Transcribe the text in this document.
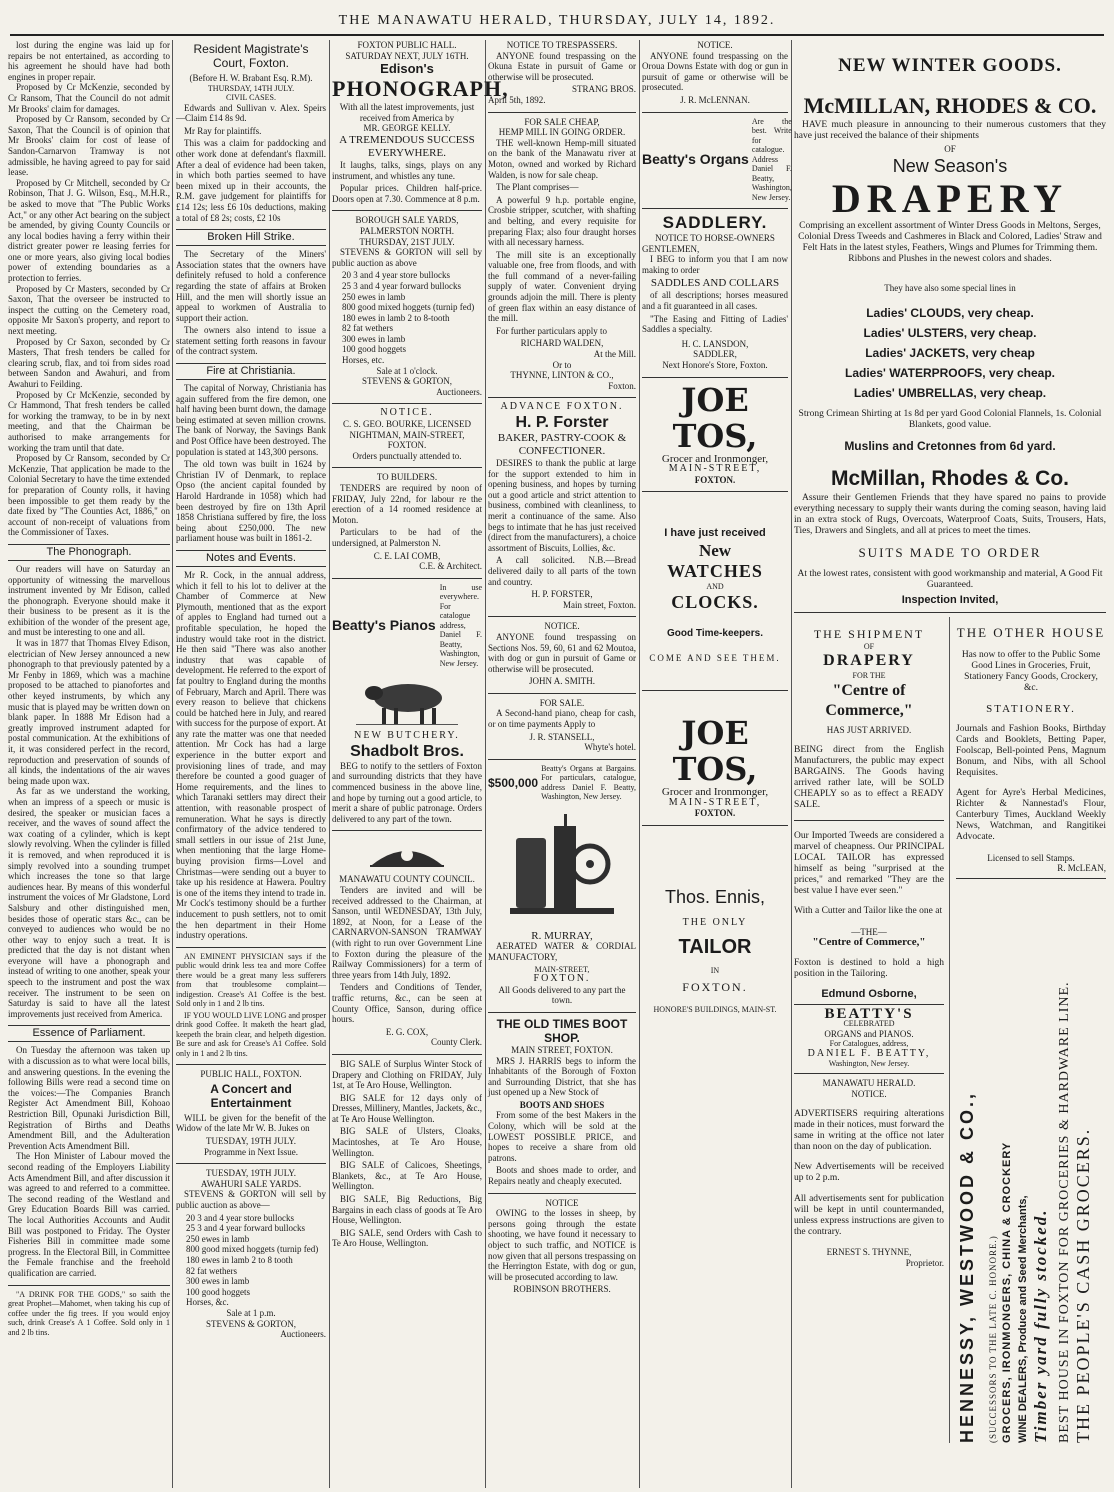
THE MANAWATU HERALD, THURSDAY, JULY 14, 1892.

lost during the engine was laid up for repairs be not entertained, as according to his agreement he should have had both engines in proper repair.

Proposed by Cr McKenzie, seconded by Cr Ransom, That the Council do not admit Mr Brooks' claim for damages.

Proposed by Cr Ransom, seconded by Cr Saxon, That the Council is of opinion that Mr Brooks' claim for cost of lease of Sandon-Carnarvon Tramway is not admissible, he having agreed to pay for said lease.

Proposed by Cr Mitchell, seconded by Cr Robinson, That J. G. Wilson, Esq., M.H.R., be asked to move that "The Public Works Act," or any other Act bearing on the subject be amended, by giving County Councils or any local bodies having a ferry within their district greater power re leasing ferries for one or more years, also giving local bodies power of extending boundaries as a protection to ferries.

Proposed by Cr Masters, seconded by Cr Saxon, That the overseer be instructed to inspect the cutting on the Cemetery road, opposite Mr Saxon's property, and report to next meeting.

Proposed by Cr Saxon, seconded by Cr Masters, That fresh tenders be called for clearing scrub, flax, and toi from sides road between Sandon and Awahuri, and from Awahuri to Feilding.

Proposed by Cr McKenzie, seconded by Cr Hammond, That fresh tenders be called for working the tramway, to be in by next meeting, and that the Chairman be authorised to make arrangements for working the tram until that date.

Proposed by Cr Ransom, seconded by Cr McKenzie, That application be made to the Colonial Secretary to have the time extended for preparation of County rolls, it having been impossible to get them ready by the date fixed by "The Counties Act, 1886," on account of non-receipt of valuations from the Commissioner of Taxes.

The Phonograph.

Our readers will have on Saturday an opportunity of witnessing the marvellous instrument invented by Mr Edison, called the phonograph. Everyone should make it their business to be present as it is the exhibition of the wonder of the present age, and must be interesting to one and all.

It was in 1877 that Thomas Elvey Edison, electrician of New Jersey announced a new phonograph to that previously patented by a Mr Fenby in 1869, which was a machine proposed to be attached to pianofortes and other keyed instruments, by which any music that is played may be written down on blank paper. In 1888 Mr Edison had a greatly improved instrument adapted for postal communication. At the exhibitions of it, it was considered perfect in the record, reproduction and preservation of sounds of all kinds, the indentations of the air waves being made upon wax.

As far as we understand the working, when an impress of a speech or music is desired, the speaker or musician faces a receiver, and the waves of sound affect the wax coating of a cylinder, which is kept slowly revolving. When the cylinder is filled it is removed, and when reproduced it is simply revolved into a sounding trumpet which increases the tone so that large audiences hear. By means of this wonderful instrument the voices of Mr Gladstone, Lord Salsbury and other distinguished men, besides those of operatic stars &c., can be conveyed to audiences who would be no other way to enjoy such a treat. It is predicted that the day is not distant when everyone will have a phonograph and instead of writing to one another, speak your speech to the instrument and post the wax receiver. The instrument to be seen on Saturday is said to have all the latest improvements just received from America.

Essence of Parliament.

On Tuesday the afternoon was taken up with a discussion as to what were local bills, and answering questions. In the evening the following Bills were read a second time on the voices:—The Companies Branch Register Act Amendment Bill, Kohoao Restriction Bill, Opunaki Jurisdiction Bill, Registration of Births and Deaths Amendment Bill, and the Adulteration Prevention Acts Amendment Bill.

The Hon Minister of Labour moved the second reading of the Employers Liability Acts Amendment Bill, and after discussion it was agreed to and referred to a committee. The second reading of the Westland and Grey Education Boards Bill was carried. The local Authorities Accounts and Audit Bill was postponed to Friday. The Oyster Fisheries Bill in committee made some progress. In the Electoral Bill, in Committee the Female franchise and the freehold qualification are carried.

"A DRINK FOR THE GODS," so saith the great Prophet—Mahomet, when taking his cup of coffee under the fig trees. If you would enjoy such, drink Crease's A 1 Coffee. Sold only in 1 and 2 lb tins.

Resident Magistrate's Court, Foxton.
(Before H. W. Brabant Esq. R.M).
THURSDAY, 14TH JULY.
CIVIL CASES.

Edwards and Sullivan v. Alex. Speirs—Claim £14 8s 9d.

Mr Ray for plaintiffs.

This was a claim for paddocking and other work done at defendant's flaxmill. After a deal of evidence had been taken, in which both parties seemed to have been mixed up in their accounts, the R.M. gave judgement for plaintiffs for £14 12s; less £6 10s deductions, making a total of £8 2s; costs, £2 10s

Broken Hill Strike.

The Secretary of the Miners' Association states that the owners have definitely refused to hold a conference regarding the state of affairs at Broken Hill, and the men will shortly issue an appeal to workmen of Australia to support their action.

The owners also intend to issue a statement setting forth reasons in favour of the contract system.

Fire at Christiania.

The capital of Norway, Christiania has again suffered from the fire demon, one half having been burnt down, the damage being estimated at seven million crowns. The bank of Norway, the Savings Bank and Post Office have been destroyed. The population is stated at 143,300 persons.

The old town was built in 1624 by Christian IV of Denmark, to replace Opso (the ancient capital founded by Harold Hardrande in 1058) which had been destroyed by fire on 13th April 1858 Christiana suffered by fire, the loss being about £250,000. The new parliament house was built in 1861-2.

Notes and Events.

Mr R. Cock, in the annual address, which it fell to his lot to deliver at the Chamber of Commerce at New Plymouth, mentioned that as the export of apples to England had turned out a profitable speculation, he hoped the industry would take root in the district. He then said "There was also another industry that was capable of development. He referred to the export of fat poultry to England during the months of February, March and April. There was every reason to believe that chickens could be hatched here in July, and reared with success for the purpose of export. At any rate the matter was one that needed attention. Mr Cock has had a large experience in the butter export and provisioning lines of trade, and may therefore be counted a good guager of Home requirements, and the lines to which Taranaki settlers may direct their attention, with reasonable prospect of remuneration. What he says is directly confirmatory of the advice tendered to small settlers in our issue of 21st June, when mentioning that the large Home-buying provision firms—Lovel and Christmas—were sending out a buyer to take up his residence at Hawera. Poultry is one of the items they intend to trade in. Mr Cock's testimony should be a further inducement to push settlers, not to omit the hen department in their Home industry operations.

AN EMINENT PHYSICIAN says if the public would drink less tea and more Coffee there would be a great many less sufferers from that troublesome complaint—indigestion. Crease's A1 Coffee is the best. Sold only in 1 and 2 lb tins.

IF YOU WOULD LIVE LONG and prosper drink good Coffee. It maketh the heart glad, keepeth the brain clear, and helpeth digestion. Be sure and ask for Crease's A1 Coffee. Sold only in 1 and 2 lb tins.

PUBLIC HALL, FOXTON.
A Concert and Entertainment

WILL be given for the benefit of the Widow of the late Mr W. B. Jukes on

TUESDAY, 19TH JULY.
Programme in Next Issue.
TUESDAY, 19TH JULY.
AWAHURI SALE YARDS.

STEVENS & GORTON will sell by public auction as above—

20 3 and 4 year store bullocks

25 3 and 4 year forward bullocks

250 ewes in lamb

800 good mixed hoggets (turnip fed)

180 ewes in lamb 2 to 8 tooth

82 fat wethers

300 ewes in lamb

100 good hoggets

Horses, &c.

Sale at 1 p.m.
STEVENS & GORTON,
Auctioneers.
FOXTON PUBLIC HALL.
SATURDAY NEXT, JULY 16TH.
Edison's
PHONOGRAPH,
With all the latest improvements, just received from America by
MR. GEORGE KELLY.
A TREMENDOUS SUCCESS EVERYWHERE.

It laughs, talks, sings, plays on any instrument, and whistles any tune.

Popular prices. Children half-price. Doors open at 7.30. Commence at 8 p.m.

BOROUGH SALE YARDS, PALMERSTON NORTH.
THURSDAY, 21ST JULY.

STEVENS & GORTON will sell by public auction as above

20 3 and 4 year store bullocks

25 3 and 4 year forward bullocks

250 ewes in lamb

800 good mixed hoggets (turnip fed)

180 ewes in lamb 2 to 8-tooth

82 fat wethers

300 ewes in lamb

100 good hoggets

Horses, etc.

Sale at 1 o'clock.
STEVENS & GORTON,
Auctioneers.
NOTICE.
C. S. GEO. BOURKE, LICENSED NIGHTMAN, MAIN-STREET, FOXTON.
Orders punctually attended to.
TO BUILDERS.

TENDERS are required by noon of FRIDAY, July 22nd, for labour re the erection of a 14 roomed residence at Moton.

Particulars to be had of the undersigned, at Palmerston N.

C. E. LAI COMB,
C.E. & Architect.
Beatty's Pianos
In use everywhere. For catalogue address, Daniel F. Beatty, Washington, New Jersey.
NEW BUTCHERY.
Shadbolt Bros.

BEG to notify to the settlers of Foxton and surrounding districts that they have commenced business in the above line, and hope by turning out a good article, to merit a share of public patronage. Orders delivered to any part of the town.

MANAWATU COUNTY COUNCIL.

Tenders are invited and will be received addressed to the Chairman, at Sanson, until WEDNESDAY, 13th July, 1892, at Noon, for a Lease of the CARNARVON-SANSON TRAMWAY (with right to run over Government Line to Foxton during the pleasure of the Railway Commissioners) for a term of three years from 14th July, 1892.

Tenders and Conditions of Tender, traffic returns, &c., can be seen at County Office, Sanson, during office hours.

E. G. COX,
County Clerk.

BIG SALE of Surplus Winter Stock of Drapery and Clothing on FRIDAY, July 1st, at Te Aro House, Wellington.

BIG SALE for 12 days only of Dresses, Millinery, Mantles, Jackets, &c., at Te Aro House Wellington.

BIG SALE of Ulsters, Cloaks, Macintoshes, at Te Aro House, Wellington.

BIG SALE of Calicoes, Sheetings, Blankets, &c., at Te Aro House, Wellington.

BIG SALE, Big Reductions, Big Bargains in each class of goods at Te Aro House, Wellington.

BIG SALE, send Orders with Cash to Te Aro House, Wellington.

NOTICE TO TRESPASSERS.

ANYONE found trespassing on the Okuna Estate in pursuit of Game or otherwise will be prosecuted.

STRANG BROS.
April 5th, 1892.
FOR SALE CHEAP,
HEMP MILL IN GOING ORDER.

THE well-known Hemp-mill situated on the bank of the Manawatu river at Moton, owned and worked by Richard Walden, is now for sale cheap.

The Plant comprises—

A powerful 9 h.p. portable engine, Crosbie stripper, scutcher, with shafting and belting, and every requisite for preparing Flax; also four draught horses with all necessary harness.

The mill site is an exceptionally valuable one, free from floods, and with the full command of a never-failing supply of water. Convenient drying grounds adjoin the mill. There is plenty of green flax within an easy distance of the mill.

For further particulars apply to

RICHARD WALDEN,
At the Mill.
Or to
THYNNE, LINTON & CO.,
Foxton.
ADVANCE FOXTON.
H. P. Forster
BAKER, PASTRY-COOK & CONFECTIONER.

DESIRES to thank the public at large for the support extended to him in opening business, and hopes by turning out a good article and strict attention to business, combined with cleanliness, to merit a continuance of the same. Also begs to intimate that he has just received (direct from the manufacturers), a choice assortment of Biscuits, Lollies, &c.

A call solicited. N.B.—Bread delivered daily to all parts of the town and country.

H. P. FORSTER,
Main street, Foxton.
NOTICE.

ANYONE found trespassing on Sections Nos. 59, 60, 61 and 62 Moutoa, with dog or gun in pursuit of Game or otherwise will be prosecuted.

JOHN A. SMITH.
FOR SALE.

A Second-hand piano, cheap for cash, or on time payments Apply to

J. R. STANSELL,
Whyte's hotel.
$500,000
Beatty's Organs at Bargains. For particulars, catalogue, address Daniel F. Beatty, Washington, New Jersey.
R. MURRAY,

AERATED WATER & CORDIAL MANUFACTORY,

MAIN-STREET,
FOXTON.
All Goods delivered to any part the town.
THE OLD TIMES BOOT SHOP.
MAIN STREET, FOXTON.

MRS J. HARRIS begs to inform the Inhabitants of the Borough of Foxton and Surrounding District, that she has just opened up a New Stock of

BOOTS AND SHOES

From some of the best Makers in the Colony, which will be sold at the LOWEST POSSIBLE PRICE, and hopes to receive a share from old patrons.

Boots and shoes made to order, and Repairs neatly and cheaply executed.

NOTICE

OWING to the losses in sheep, by persons going through the estate shooting, we have found it necessary to object to such traffic, and NOTICE is now given that all persons trespassing on the Herrington Estate, with dog or gun, will be prosecuted according to law.

ROBINSON BROTHERS.
NOTICE.

ANYONE found trespassing on the Oroua Downs Estate with dog or gun in pursuit of game or otherwise will be prosecuted.

J. R. McLENNAN.
Beatty's Organs
Are the best. Write for catalogue. Address Daniel F. Beatty, Washington, New Jersey.
SADDLERY.
NOTICE TO HORSE-OWNERS
GENTLEMEN,

I BEG to inform you that I am now making to order

SADDLES AND COLLARS

of all descriptions; horses measured and a fit guaranteed in all cases.

"The Easing and Fitting of Ladies' Saddles a specialty.

H. C. LANSDON,
SADDLER,
Next Honore's Store, Foxton.
JOE TOS,
Grocer and Ironmonger,
MAIN-STREET,
FOXTON.
I have just received
New
WATCHES
AND
CLOCKS.
Good Time-keepers.
COME AND SEE THEM.
JOE TOS,
Grocer and Ironmonger,
MAIN-STREET,
FOXTON.
Thos. Ennis,
THE ONLY
TAILOR
IN
FOXTON.
HONORE'S BUILDINGS, MAIN-ST.
NEW WINTER GOODS.
McMILLAN, RHODES & CO.

HAVE much pleasure in announcing to their numerous customers that they have just received the balance of their shipments

OF
New Season's
DRAPERY

Comprising an excellent assortment of Winter Dress Goods in Meltons, Serges, Colonial Dress Tweeds and Cashmeres in Black and Colored, Ladies' Straw and Felt Hats in the latest styles, Feathers, Wings and Plumes for Trimming them. Ribbons and Plushes in the newest colors and shades.

They have also some special lines in
Ladies' CLOUDS, very cheap.
Ladies' ULSTERS, very cheap.
Ladies' JACKETS, very cheap
Ladies' WATERPROOFS, very cheap.
Ladies' UMBRELLAS, very cheap.

Strong Crimean Shirting at 1s 8d per yard Good Colonial Flannels, 1s. Colonial Blankets, good value.

Muslins and Cretonnes from 6d yard.
McMillan, Rhodes & Co.

Assure their Gentlemen Friends that they have spared no pains to provide everything necessary to supply their wants during the coming season, having laid in an extra stock of Rugs, Overcoats, Waterproof Coats, Suits, Trousers, Hats, Ties, Drawers and Singlets, and all at prices to meet the times.

SUITS MADE TO ORDER

At the lowest rates, consistent with good workmanship and material, A Good Fit Guaranteed.

Inspection Invited,
THE SHIPMENT
OF
DRAPERY
FOR THE
"Centre of Commerce,"
HAS JUST ARRIVED.

BEING direct from the English Manufacturers, the public may expect BARGAINS. The Goods having arrived rather late, will be SOLD CHEAPLY so as to effect a READY SALE.

Our Imported Tweeds are considered a marvel of cheapness. Our PRINCIPAL LOCAL TAILOR has expressed himself as being "surprised at the prices," and remarked "They are the best value I have ever seen."

With a Cutter and Tailor like the one at

—THE—
"Centre of Commerce,"

Foxton is destined to hold a high position in the Tailoring.

Edmund Osborne,
BEATTY'S
CELEBRATED
ORGANS and PIANOS.
For Catalogues, address,
DANIEL F. BEATTY,
Washington, New Jersey.
MANAWATU HERALD.
NOTICE.

ADVERTISERS requiring alterations made in their notices, must forward the same in writing at the office not later than noon on the day of publication.

New Advertisements will be received up to 2 p.m.

All advertisements sent for publication will be kept in until countermanded, unless express instructions are given to the contrary.

ERNEST S. THYNNE,
Proprietor.
THE OTHER HOUSE

Has now to offer to the Public Some Good Lines in Groceries, Fruit, Stationery Fancy Goods, Crockery, &c.

STATIONERY.

Journals and Fashion Books, Birthday Cards and Booklets, Betting Paper, Foolscap, Bell-pointed Pens, Magnum Bonum, and Nibs, with all School Requisites.

Agent for Ayre's Herbal Medicines, Richter & Nannestad's Flour, Canterbury Times, Auckland Weekly News, Watchman, and Rangitikei Advocate.

Licensed to sell Stamps.
R. McLEAN,
HENNESSY, WESTWOOD & CO., (SUCCESSORS TO THE LATE C. HONORE.) GROCERS, IRONMONGERS, CHINA & CROCKERY WINE DEALERS, Produce and Seed Merchants, Timber yard fully stocked. BEST HOUSE IN FOXTON FOR GROCERIES & HARDWARE LINE. THE PEOPLE'S CASH GROCERS.
